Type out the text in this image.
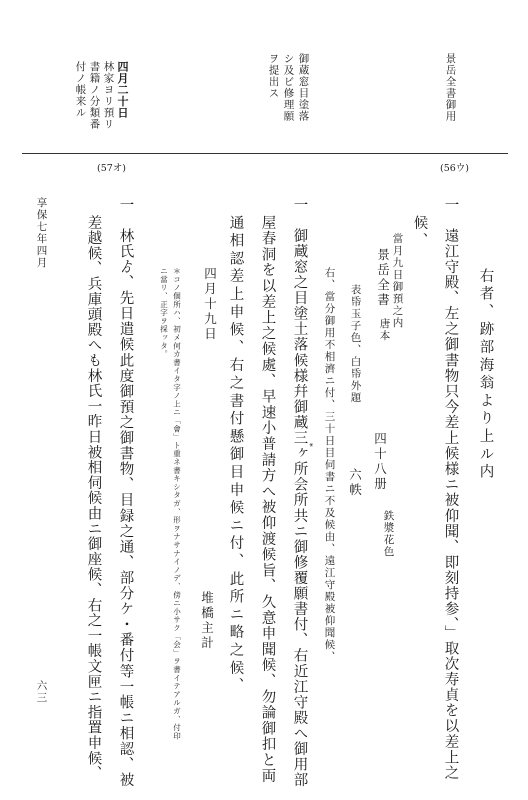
景岳全書御用
御蔵窓目塗落
シ及ビ修理願
ヲ提出ス
四月二十日
林家ヨリ預リ
書籍ノ分類番
付ノ帳来ル
(56ウ)
(57オ)
右者、跡部海翁より上ル内
一　遠江守殿、左之御書物只今差上候様ニ被仰聞、即刻持参、」取次寿貞を以差上之
候、
當月九日御預之内
景岳全書
唐本
表帋玉子色、白帋外題
四十八册
六帙
鉄漿花色
右、當分御用不相濟ニ付、三十日目伺書ニ不及候由、遠江守殿被仰聞候、
一　御蔵窓之目塗土落候様幷御蔵三ヶ所会所共ニ御修覆願書付、右近江守殿へ御用部
*
屋春洞を以差上之候處、早速小普請方へ被仰渡候旨、久意申聞候、勿論御扣と両
通相認差上申候、右之書付懸御目申候ニ付、此所ニ略之候、
四月十九日
堆橋主計
＊コノ個所ハ、初メ何カ書イタ字ノ上ニ「會」ト重ネ書キシタガ、形ヲナサナイノデ、傍ニ小サク「会」ヲ書イテアルガ、付印
ニ當リ、正字ヲ採ッタ。
一　林氏ゟ、先日遣候此度御預之御書物、目録之通、部分ケ・番付等一帳ニ相認、被
差越候、兵庫頭殿へも林氏一昨日被相伺候由ニ御座候、右之一帳文匣ニ指置申候、
享保七年四月
六三
